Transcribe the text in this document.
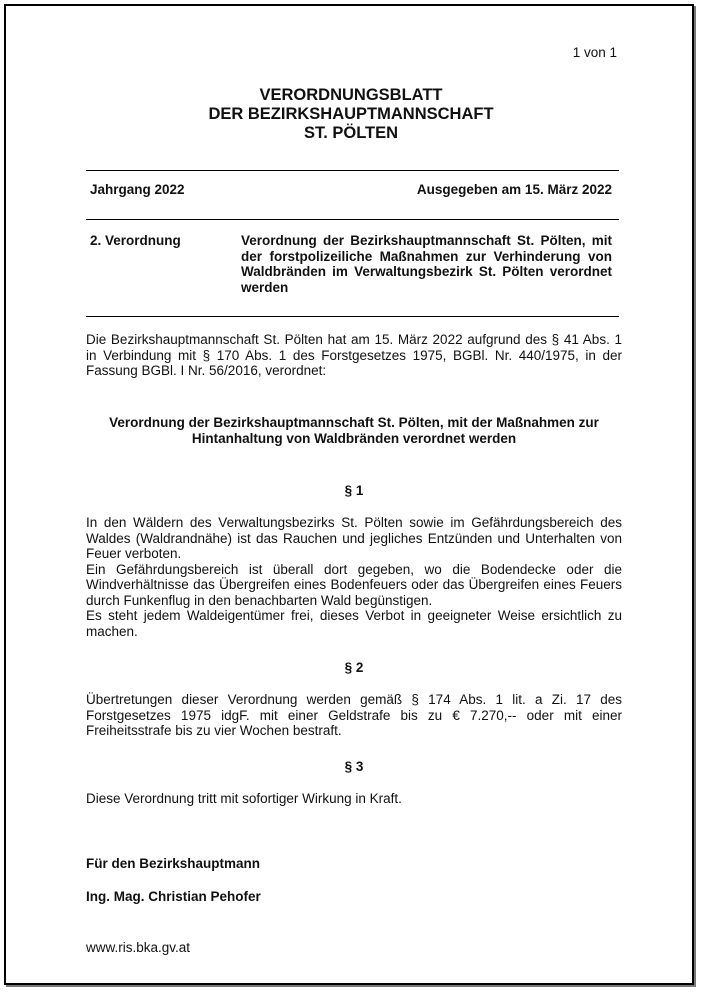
1 von 1
VERORDNUNGSBLATT
DER BEZIRKSHAUPTMANNSCHAFT
ST. PÖLTEN
Jahrgang 2022	Ausgegeben am 15. März 2022
2. Verordnung	Verordnung der Bezirkshauptmannschaft St. Pölten, mit der forstpolizeiliche Maßnahmen zur Verhinderung von Waldbränden im Verwaltungsbezirk St. Pölten verordnet werden
Die Bezirkshauptmannschaft St. Pölten hat am 15. März 2022 aufgrund des § 41 Abs. 1 in Verbindung mit § 170 Abs. 1 des Forstgesetzes 1975, BGBl. Nr. 440/1975, in der Fassung BGBl. I Nr. 56/2016, verordnet:
Verordnung der Bezirkshauptmannschaft St. Pölten, mit der Maßnahmen zur Hintanhaltung von Waldbränden verordnet werden
§ 1

In den Wäldern des Verwaltungsbezirks St. Pölten sowie im Gefährdungsbereich des Waldes (Waldrandnähe) ist das Rauchen und jegliches Entzünden und Unterhalten von Feuer verboten.

Ein Gefährdungsbereich ist überall dort gegeben, wo die Bodendecke oder die Windverhältnisse das Übergreifen eines Bodenfeuers oder das Übergreifen eines Feuers durch Funkenflug in den benachbarten Wald begünstigen.

Es steht jedem Waldeigentümer frei, dieses Verbot in geeigneter Weise ersichtlich zu machen.

§ 2

Übertretungen dieser Verordnung werden gemäß § 174 Abs. 1 lit. a Zi. 17 des Forstgesetzes 1975 idgF. mit einer Geldstrafe bis zu € 7.270,-- oder mit einer Freiheitsstrafe bis zu vier Wochen bestraft.

§ 3

Diese Verordnung tritt mit sofortiger Wirkung in Kraft.

Für den Bezirkshauptmann
Ing. Mag. Christian Pehofer
www.ris.bka.gv.at
